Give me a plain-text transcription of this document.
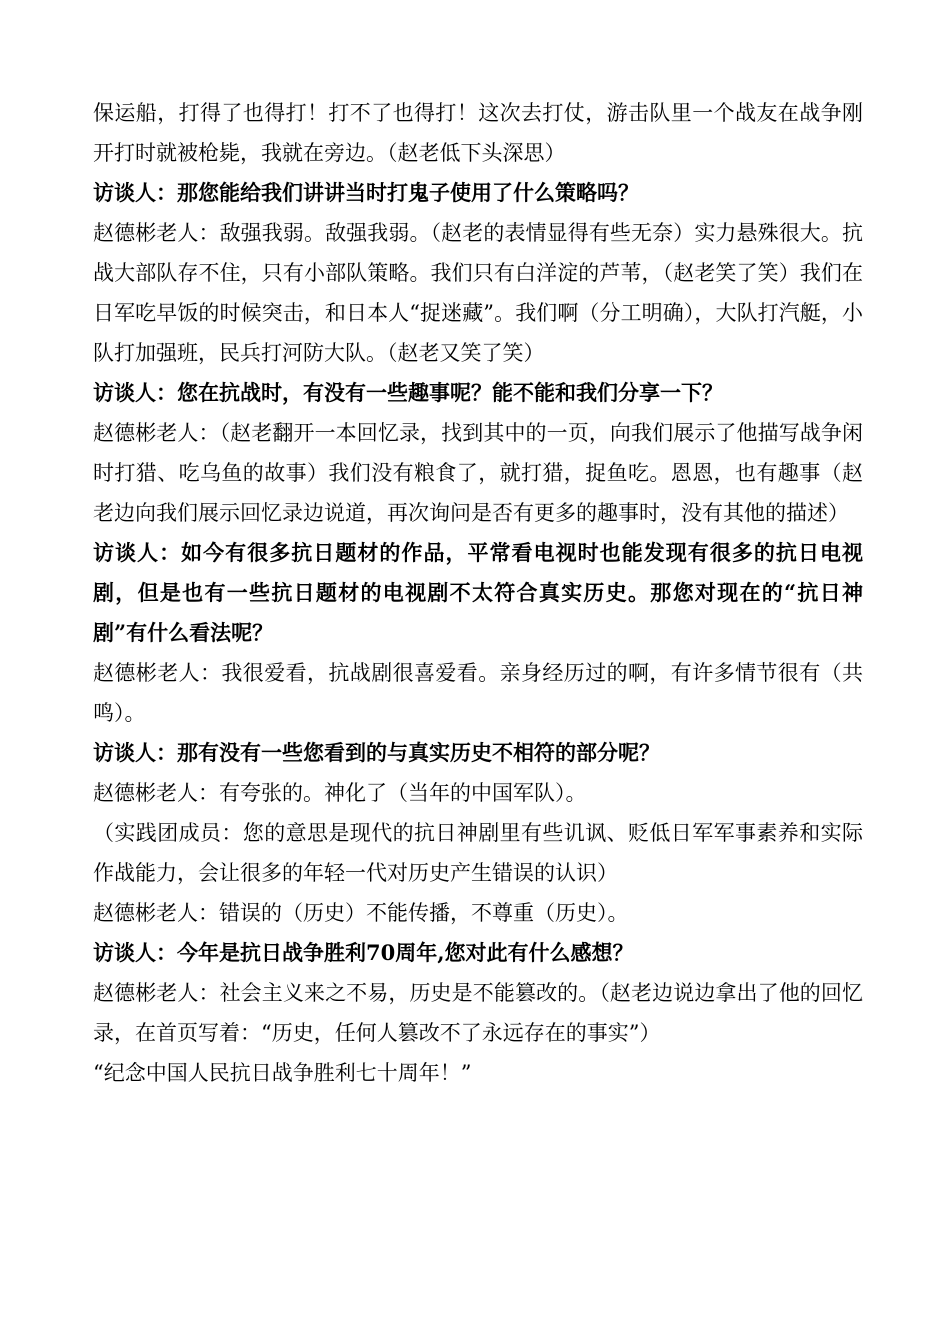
保运船，打得了也得打！打不了也得打！这次去打仗，游击队里一个战友在战争刚开打时就被枪毙，我就在旁边。（赵老低下头深思）

访谈人：那您能给我们讲讲当时打鬼子使用了什么策略吗？

赵德彬老人：敌强我弱。敌强我弱。（赵老的表情显得有些无奈）实力悬殊很大。抗战大部队存不住，只有小部队策略。我们只有白洋淀的芦苇，（赵老笑了笑）我们在日军吃早饭的时候突击，和日本人“捉迷藏”。我们啊（分工明确），大队打汽艇，小队打加强班，民兵打河防大队。（赵老又笑了笑）

访谈人：您在抗战时，有没有一些趣事呢？能不能和我们分享一下？

赵德彬老人：（赵老翻开一本回忆录，找到其中的一页，向我们展示了他描写战争闲时打猎、吃乌鱼的故事）我们没有粮食了，就打猎，捉鱼吃。恩恩，也有趣事（赵老边向我们展示回忆录边说道，再次询问是否有更多的趣事时，没有其他的描述）

访谈人：如今有很多抗日题材的作品，平常看电视时也能发现有很多的抗日电视剧，但是也有一些抗日题材的电视剧不太符合真实历史。那您对现在的“抗日神剧”有什么看法呢？

赵德彬老人：我很爱看，抗战剧很喜爱看。亲身经历过的啊，有许多情节很有（共鸣）。

访谈人：那有没有一些您看到的与真实历史不相符的部分呢？

赵德彬老人：有夸张的。神化了（当年的中国军队）。

（实践团成员：您的意思是现代的抗日神剧里有些讥讽、贬低日军军事素养和实际作战能力，会让很多的年轻一代对历史产生错误的认识）

赵德彬老人：错误的（历史）不能传播，不尊重（历史）。

访谈人：今年是抗日战争胜利70周年,您对此有什么感想？

赵德彬老人：社会主义来之不易，历史是不能篡改的。（赵老边说边拿出了他的回忆录，在首页写着：“历史，任何人篡改不了永远存在的事实”）

“纪念中国人民抗日战争胜利七十周年！”
